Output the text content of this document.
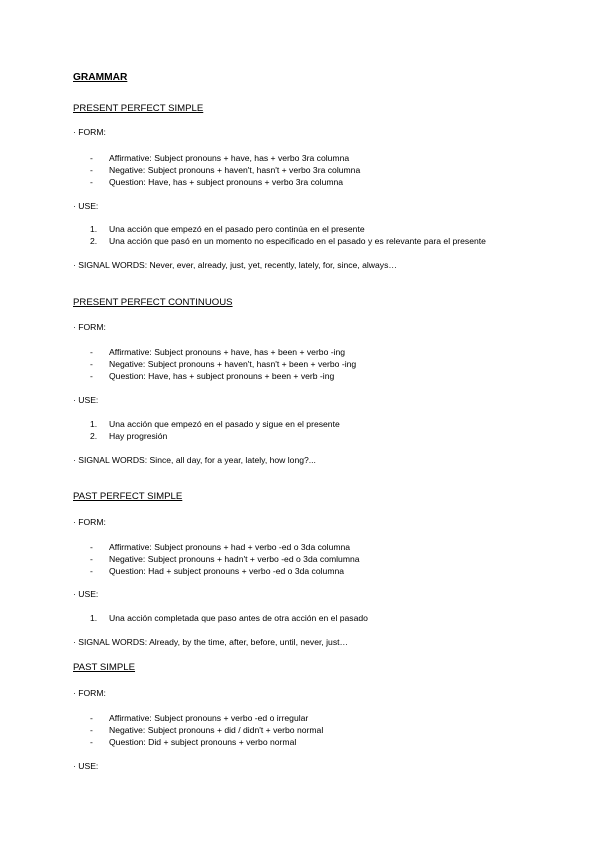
GRAMMAR
PRESENT PERFECT SIMPLE
· FORM:
- Affirmative: Subject pronouns + have, has + verbo 3ra columna
- Negative: Subject pronouns + haven't, hasn't + verbo 3ra columna
- Question: Have, has + subject pronouns + verbo 3ra columna
· USE:
1. Una acción que empezó en el pasado pero continúa en el presente
2. Una acción que pasó en un momento no especificado en el pasado y es relevante para el presente
· SIGNAL WORDS: Never, ever, already, just, yet, recently, lately, for, since, always…
PRESENT PERFECT CONTINUOUS
· FORM:
- Affirmative: Subject pronouns + have, has + been + verbo -ing
- Negative: Subject pronouns + haven't, hasn't + been + verbo -ing
- Question: Have, has + subject pronouns + been + verb -ing
· USE:
1. Una acción que empezó en el pasado y sigue en el presente
2. Hay progresión
· SIGNAL WORDS: Since, all day, for a year, lately, how long?...
PAST PERFECT SIMPLE
· FORM:
- Affirmative: Subject pronouns + had + verbo -ed o 3da columna
- Negative: Subject pronouns + hadn't + verbo -ed o 3da comlumna
- Question: Had + subject pronouns + verbo -ed o 3da columna
· USE:
1. Una acción completada que paso antes de otra acción en el pasado
· SIGNAL WORDS: Already, by the time, after, before, until, never, just…
PAST SIMPLE
· FORM:
- Affirmative: Subject pronouns + verbo -ed o irregular
- Negative: Subject pronouns + did / didn't + verbo normal
- Question: Did + subject pronouns + verbo normal
· USE:
